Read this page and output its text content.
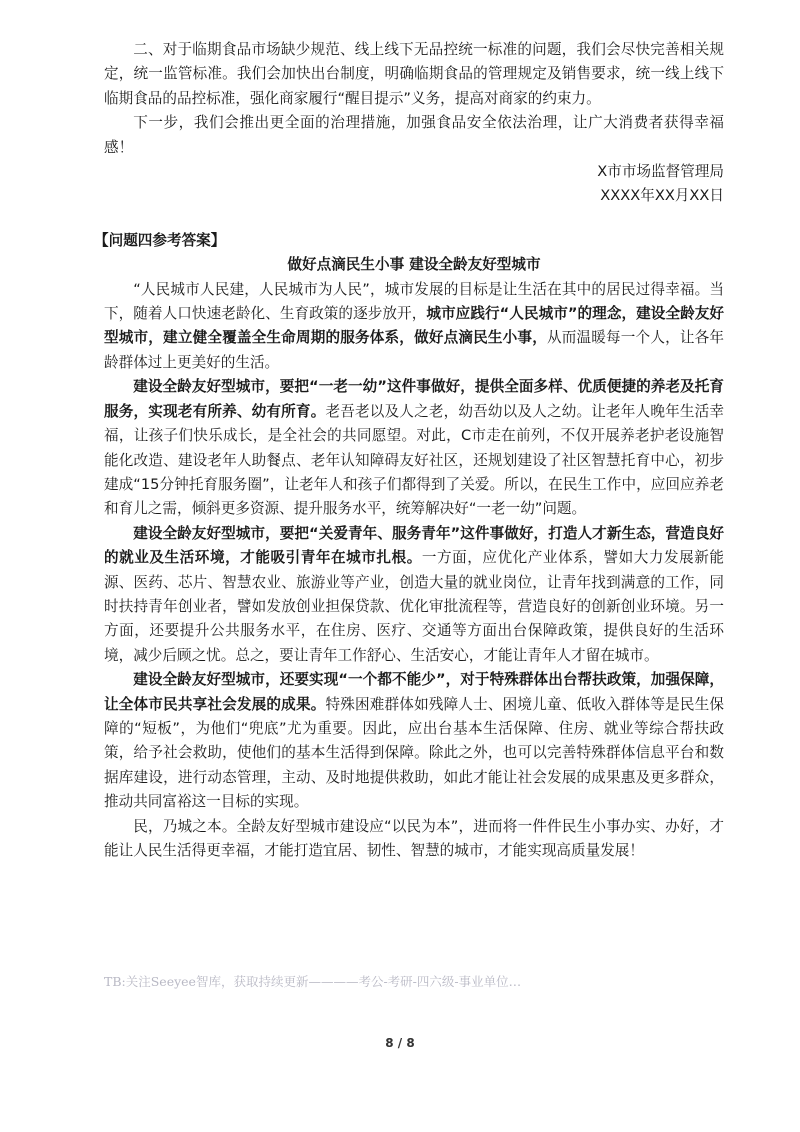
二、对于临期食品市场缺少规范、线上线下无品控统一标准的问题，我们会尽快完善相关规定，统一监管标准。我们会加快出台制度，明确临期食品的管理规定及销售要求，统一线上线下临期食品的品控标准，强化商家履行“醒目提示”义务，提高对商家的约束力。

下一步，我们会推出更全面的治理措施，加强食品安全依法治理，让广大消费者获得幸福感！

X市市场监督管理局

XXXX年XX月XX日

【问题四参考答案】

做好点滴民生小事 建设全龄友好型城市

“人民城市人民建，人民城市为人民”，城市发展的目标是让生活在其中的居民过得幸福。当下，随着人口快速老龄化、生育政策的逐步放开，城市应践行“人民城市”的理念，建设全龄友好型城市，建立健全覆盖全生命周期的服务体系，做好点滴民生小事，从而温暖每一个人，让各年龄群体过上更美好的生活。

建设全龄友好型城市，要把“一老一幼”这件事做好，提供全面多样、优质便捷的养老及托育服务，实现老有所养、幼有所育。老吾老以及人之老，幼吾幼以及人之幼。让老年人晚年生活幸福，让孩子们快乐成长，是全社会的共同愿望。对此，C市走在前列，不仅开展养老护老设施智能化改造、建设老年人助餐点、老年认知障碍友好社区，还规划建设了社区智慧托育中心，初步建成“15分钟托育服务圈”，让老年人和孩子们都得到了关爱。所以，在民生工作中，应回应养老和育儿之需，倾斜更多资源、提升服务水平，统筹解决好“一老一幼”问题。

建设全龄友好型城市，要把“关爱青年、服务青年”这件事做好，打造人才新生态，营造良好的就业及生活环境，才能吸引青年在城市扎根。一方面，应优化产业体系，譬如大力发展新能源、医药、芯片、智慧农业、旅游业等产业，创造大量的就业岗位，让青年找到满意的工作，同时扶持青年创业者，譬如发放创业担保贷款、优化审批流程等，营造良好的创新创业环境。另一方面，还要提升公共服务水平，在住房、医疗、交通等方面出台保障政策，提供良好的生活环境，减少后顾之忧。总之，要让青年工作舒心、生活安心，才能让青年人才留在城市。

建设全龄友好型城市，还要实现“一个都不能少”，对于特殊群体出台帮扶政策，加强保障，让全体市民共享社会发展的成果。特殊困难群体如残障人士、困境儿童、低收入群体等是民生保障的“短板”，为他们“兜底”尤为重要。因此，应出台基本生活保障、住房、就业等综合帮扶政策，给予社会救助，使他们的基本生活得到保障。除此之外，也可以完善特殊群体信息平台和数据库建设，进行动态管理，主动、及时地提供救助，如此才能让社会发展的成果惠及更多群众，推动共同富裕这一目标的实现。

民，乃城之本。全龄友好型城市建设应“以民为本”，进而将一件件民生小事办实、办好，才能让人民生活得更幸福，才能打造宜居、韧性、智慧的城市，才能实现高质量发展！

TB:关注Seeyee智库，获取持续更新————考公-考研-四六级-事业单位…
8 / 8
